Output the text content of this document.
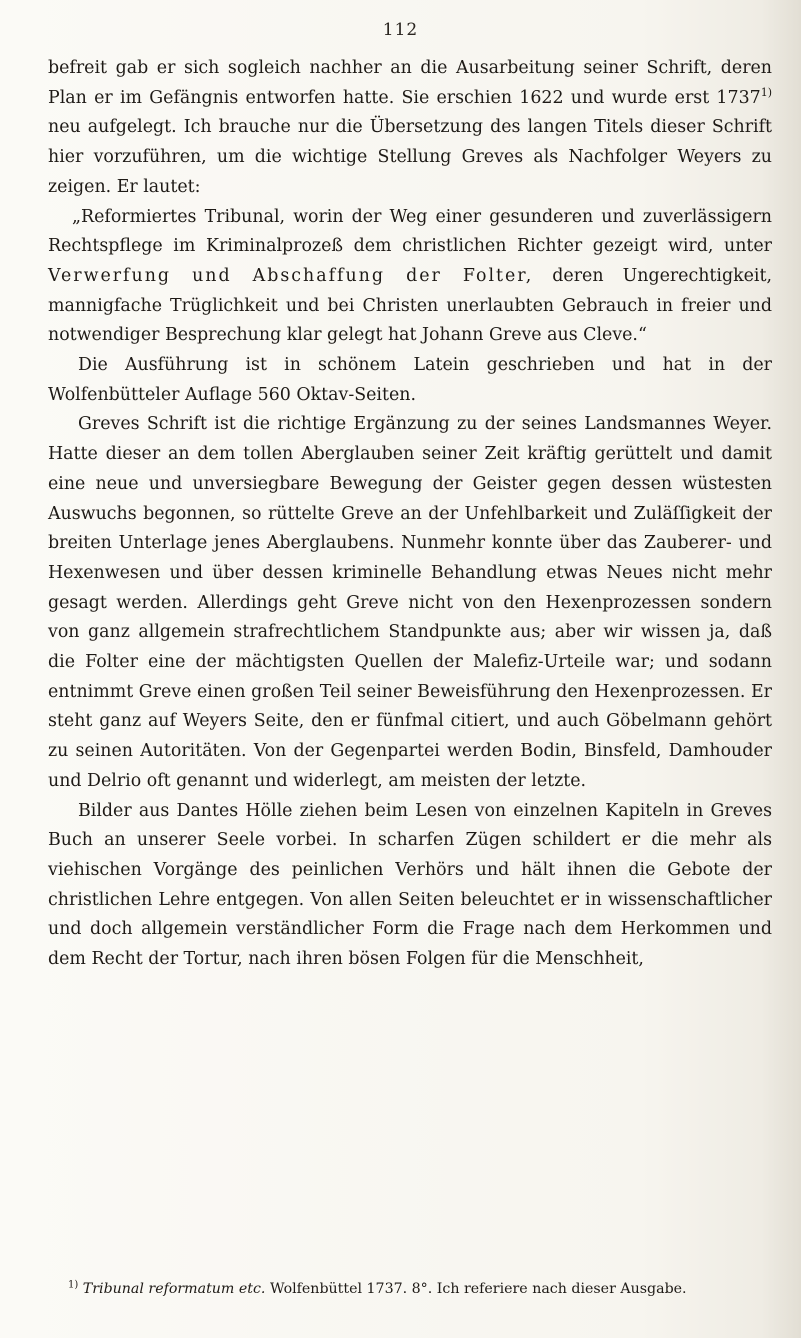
112

befreit gab er sich sogleich nachher an die Ausarbeitung seiner Schrift, deren Plan er im Gefängnis entworfen hatte. Sie erschien 1622 und wurde erst 1737$^{1)}$ neu aufgelegt. Ich brauche nur die Übersetzung des langen Titels dieser Schrift hier vorzuführen, um die wichtige Stellung Greves als Nachfolger Weyers zu zeigen. Er lautet:

„Reformiertes Tribunal, worin der Weg einer gesunderen und zuverlässigern Rechtspflege im Kriminalprozeß dem christlichen Richter gezeigt wird, unter Verwerfung und Abschaffung der Folter, deren Ungerechtigkeit, mannigfache Trüglichkeit und bei Christen unerlaubten Gebrauch in freier und notwendiger Besprechung klar gelegt hat Johann Greve aus Cleve.“

Die Ausführung ist in schönem Latein geschrieben und hat in der Wolfenbütteler Auflage 560 Oktav-Seiten.

Greves Schrift ist die richtige Ergänzung zu der seines Landsmannes Weyer. Hatte dieser an dem tollen Aberglauben seiner Zeit kräftig gerüttelt und damit eine neue und unversiegbare Bewegung der Geister gegen dessen wüstesten Auswuchs begonnen, so rüttelte Greve an der Unfehlbarkeit und Zuläſſigkeit der breiten Unterlage jenes Aberglaubens. Nunmehr konnte über das Zauberer- und Hexenwesen und über dessen kriminelle Behandlung etwas Neues nicht mehr gesagt werden. Allerdings geht Greve nicht von den Hexenprozessen sondern von ganz allgemein strafrechtlichem Standpunkte aus; aber wir wissen ja, daß die Folter eine der mächtigsten Quellen der Malefiz-Urteile war; und sodann entnimmt Greve einen großen Teil seiner Beweisführung den Hexenprozessen. Er steht ganz auf Weyers Seite, den er fünfmal citiert, und auch Göbelmann gehört zu seinen Autoritäten. Von der Gegenpartei werden Bodin, Binsfeld, Damhouder und Delrio oft genannt und widerlegt, am meisten der letzte.

Bilder aus Dantes Hölle ziehen beim Lesen von einzelnen Kapiteln in Greves Buch an unserer Seele vorbei. In scharfen Zügen schildert er die mehr als viehischen Vorgänge des peinlichen Verhörs und hält ihnen die Gebote der christlichen Lehre entgegen. Von allen Seiten beleuchtet er in wissenschaftlicher und doch allgemein verständlicher Form die Frage nach dem Herkommen und dem Recht der Tortur, nach ihren bösen Folgen für die Menschheit,

$^{1)}$ Tribunal reformatum etc. Wolfenbüttel 1737. 8°. Ich referiere nach dieser Ausgabe.
